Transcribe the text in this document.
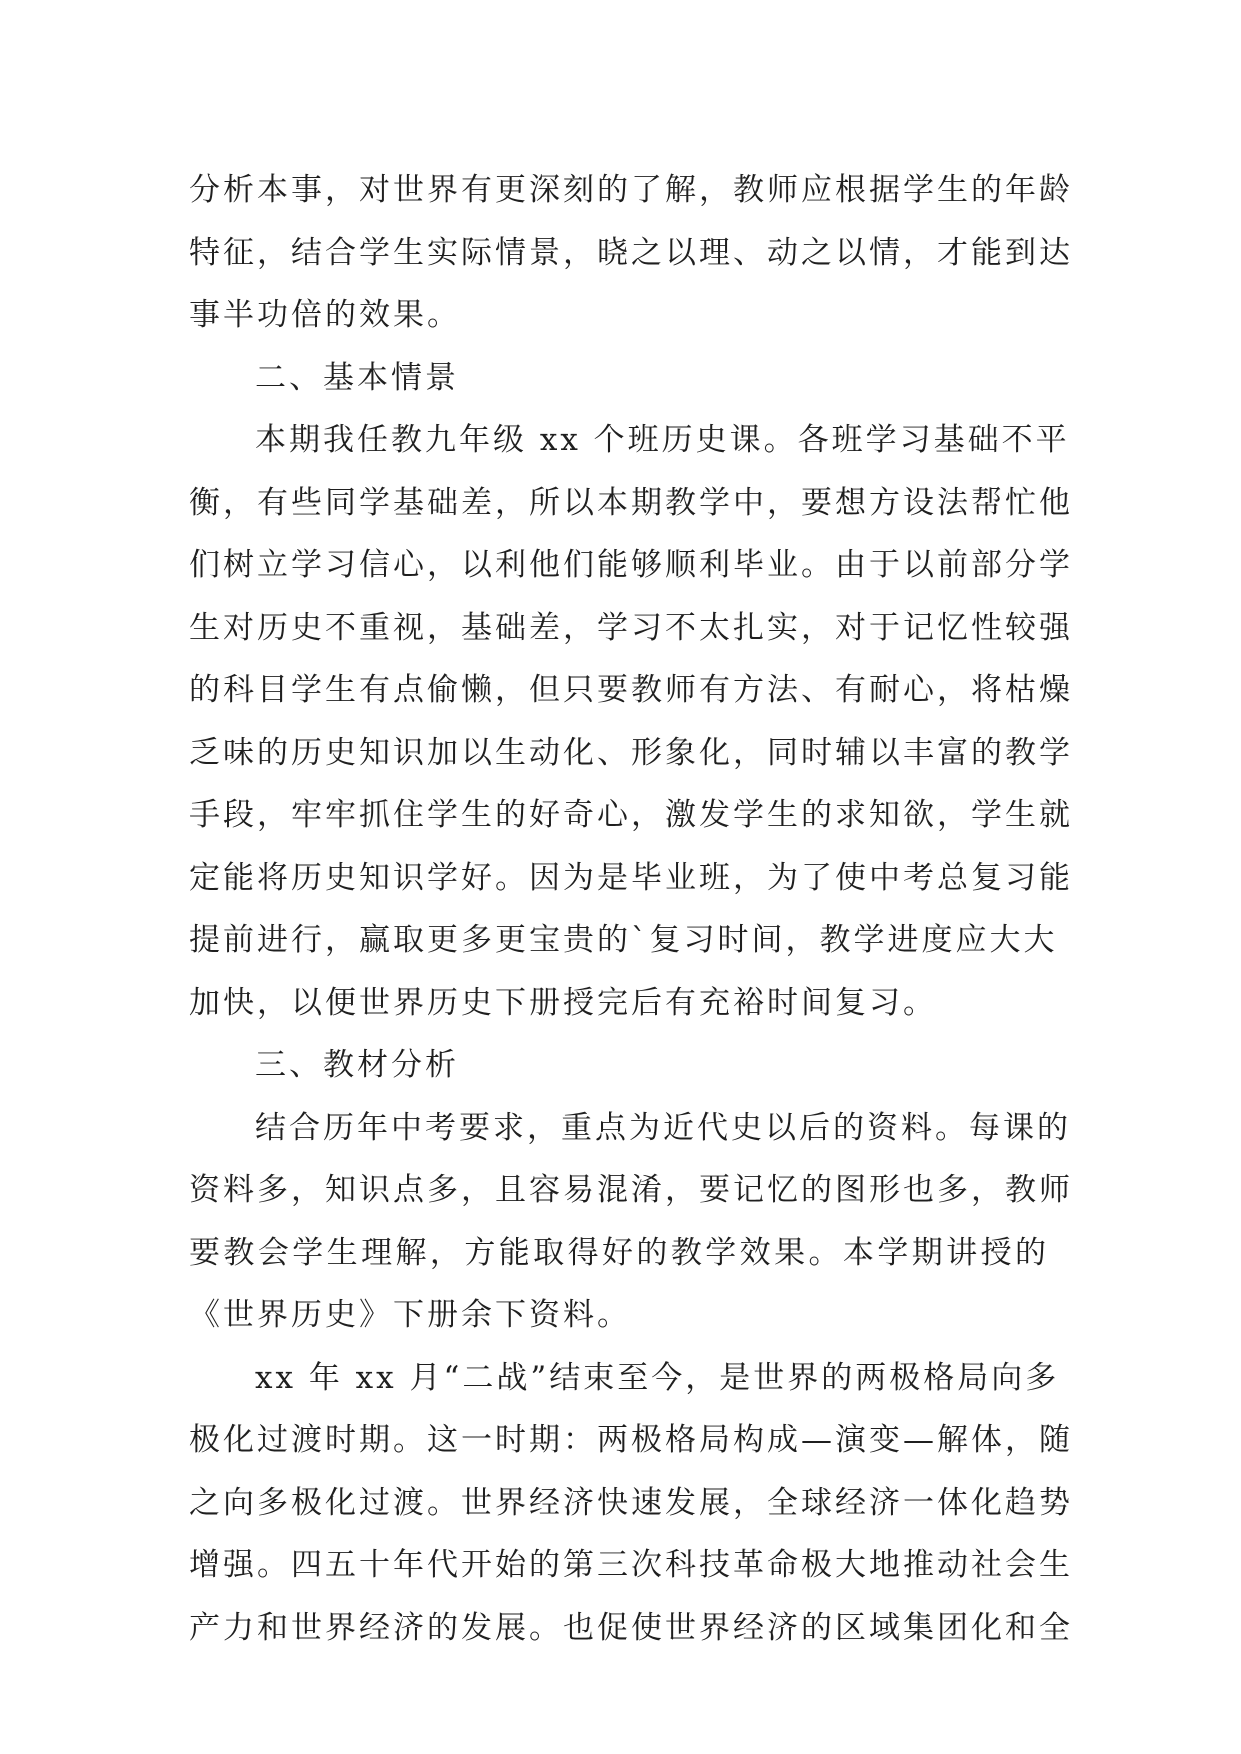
分析本事，对世界有更深刻的了解，教师应根据学生的年龄
特征，结合学生实际情景，晓之以理、动之以情，才能到达
事半功倍的效果。

二、基本情景

本期我任教九年级 xx 个班历史课。各班学习基础不平
衡，有些同学基础差，所以本期教学中，要想方设法帮忙他
们树立学习信心，以利他们能够顺利毕业。由于以前部分学
生对历史不重视，基础差，学习不太扎实，对于记忆性较强
的科目学生有点偷懒，但只要教师有方法、有耐心，将枯燥
乏味的历史知识加以生动化、形象化，同时辅以丰富的教学
手段，牢牢抓住学生的好奇心，激发学生的求知欲，学生就
定能将历史知识学好。因为是毕业班，为了使中考总复习能
提前进行，赢取更多更宝贵的`复习时间，教学进度应大大
加快，以便世界历史下册授完后有充裕时间复习。

三、教材分析

结合历年中考要求，重点为近代史以后的资料。每课的
资料多，知识点多，且容易混淆，要记忆的图形也多，教师
要教会学生理解，方能取得好的教学效果。本学期讲授的
《世界历史》下册余下资料。

xx 年 xx 月“二战”结束至今，是世界的两极格局向多
极化过渡时期。这一时期：两极格局构成—演变—解体，随
之向多极化过渡。世界经济快速发展，全球经济一体化趋势
增强。四五十年代开始的第三次科技革命极大地推动社会生
产力和世界经济的发展。也促使世界经济的区域集团化和全
